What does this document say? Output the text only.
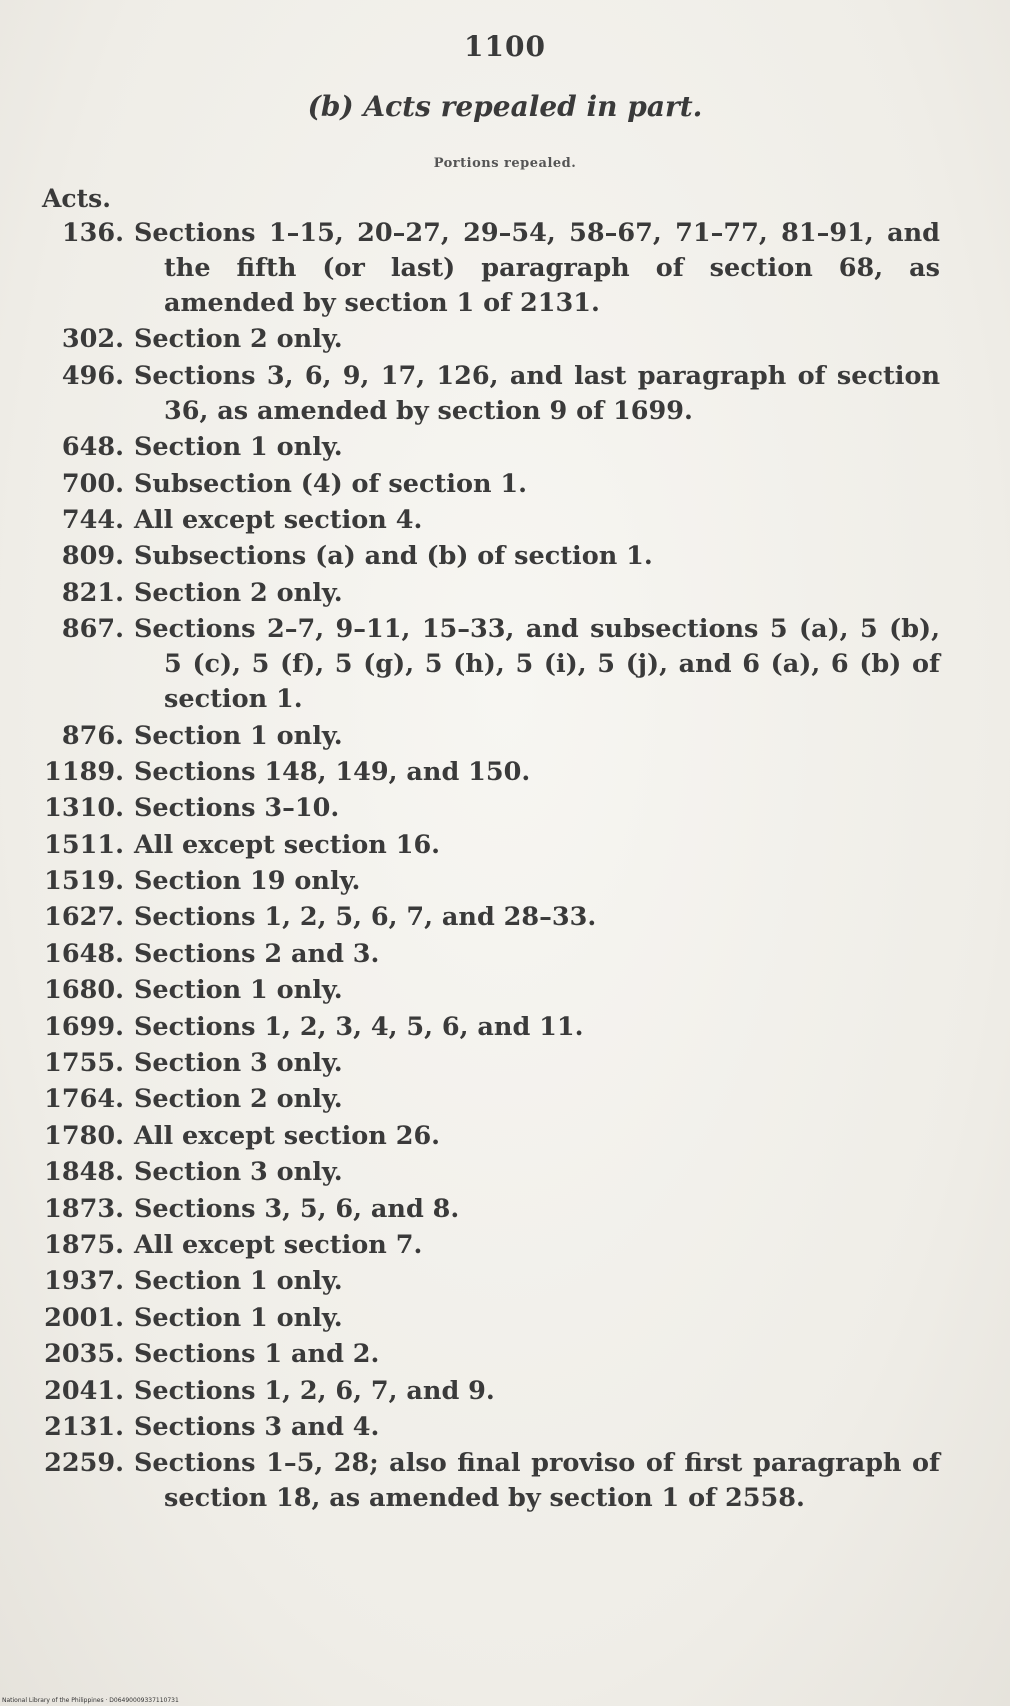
1100
(b) Acts repealed in part.
Portions repealed.
Acts.
136. Sections 1–15, 20–27, 29–54, 58–67, 71–77, 81–91, and the fifth (or last) paragraph of section 68, as amended by section 1 of 2131.
302. Section 2 only.
496. Sections 3, 6, 9, 17, 126, and last paragraph of section 36, as amended by section 9 of 1699.
648. Section 1 only.
700. Subsection (4) of section 1.
744. All except section 4.
809. Subsections (a) and (b) of section 1.
821. Section 2 only.
867. Sections 2–7, 9–11, 15–33, and subsections 5 (a), 5 (b), 5 (c), 5 (f), 5 (g), 5 (h), 5 (i), 5 (j), and 6 (a), 6 (b) of section 1.
876. Section 1 only.
1189. Sections 148, 149, and 150.
1310. Sections 3–10.
1511. All except section 16.
1519. Section 19 only.
1627. Sections 1, 2, 5, 6, 7, and 28–33.
1648. Sections 2 and 3.
1680. Section 1 only.
1699. Sections 1, 2, 3, 4, 5, 6, and 11.
1755. Section 3 only.
1764. Section 2 only.
1780. All except section 26.
1848. Section 3 only.
1873. Sections 3, 5, 6, and 8.
1875. All except section 7.
1937. Section 1 only.
2001. Section 1 only.
2035. Sections 1 and 2.
2041. Sections 1, 2, 6, 7, and 9.
2131. Sections 3 and 4.
2259. Sections 1–5, 28; also final proviso of first paragraph of section 18, as amended by section 1 of 2558.
National Library of the Philippines · D06490009337110731
